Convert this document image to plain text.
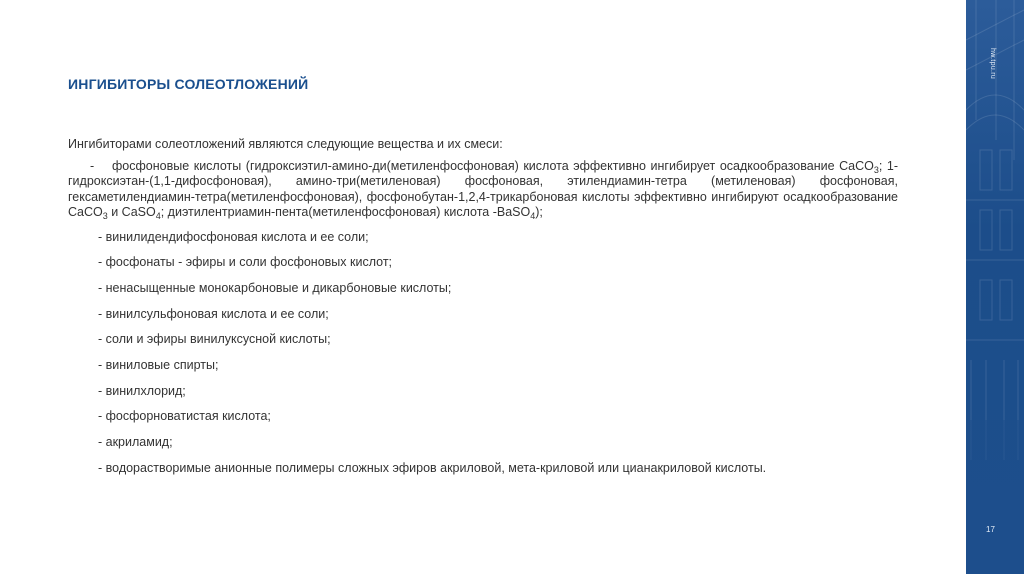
ИНГИБИТОРЫ СОЛЕОТЛОЖЕНИЙ

Ингибиторами солеотложений являются следующие вещества и их смеси:

- фосфоновые кислоты (гидроксиэтил-амино-ди(метиленфосфоновая) кислота эффективно ингибирует осадкообразование CaCO$_3$; 1-гидроксиэтан-(1,1-дифосфоновая), амино-три(метиленовая) фосфоновая, этилендиамин-тетра (метиленовая) фосфоновая, гексаметилендиамин-тетра(метиленфосфоновая), фосфонобутан-1,2,4-трикарбоновая кислоты эффективно ингибируют осадкообразование CaCO$_3$ и CaSO$_4$; диэтилентриамин-пента(метиленфосфоновая) кислота -BaSO$_4$);

- винилидендифосфоновая кислота и ее соли;
- фосфонаты - эфиры и соли фосфоновых кислот;
- ненасыщенные монокарбоновые и дикарбоновые кислоты;
- винилсульфоновая кислота и ее соли;
- соли и эфиры винилуксусной кислоты;
- виниловые спирты;
- винилхлорид;
- фосфорноватистая кислота;
- акриламид;
- водорастворимые анионные полимеры сложных эфиров акриловой, мета-криловой или цианакриловой кислоты.
hw.tpu.ru
17
